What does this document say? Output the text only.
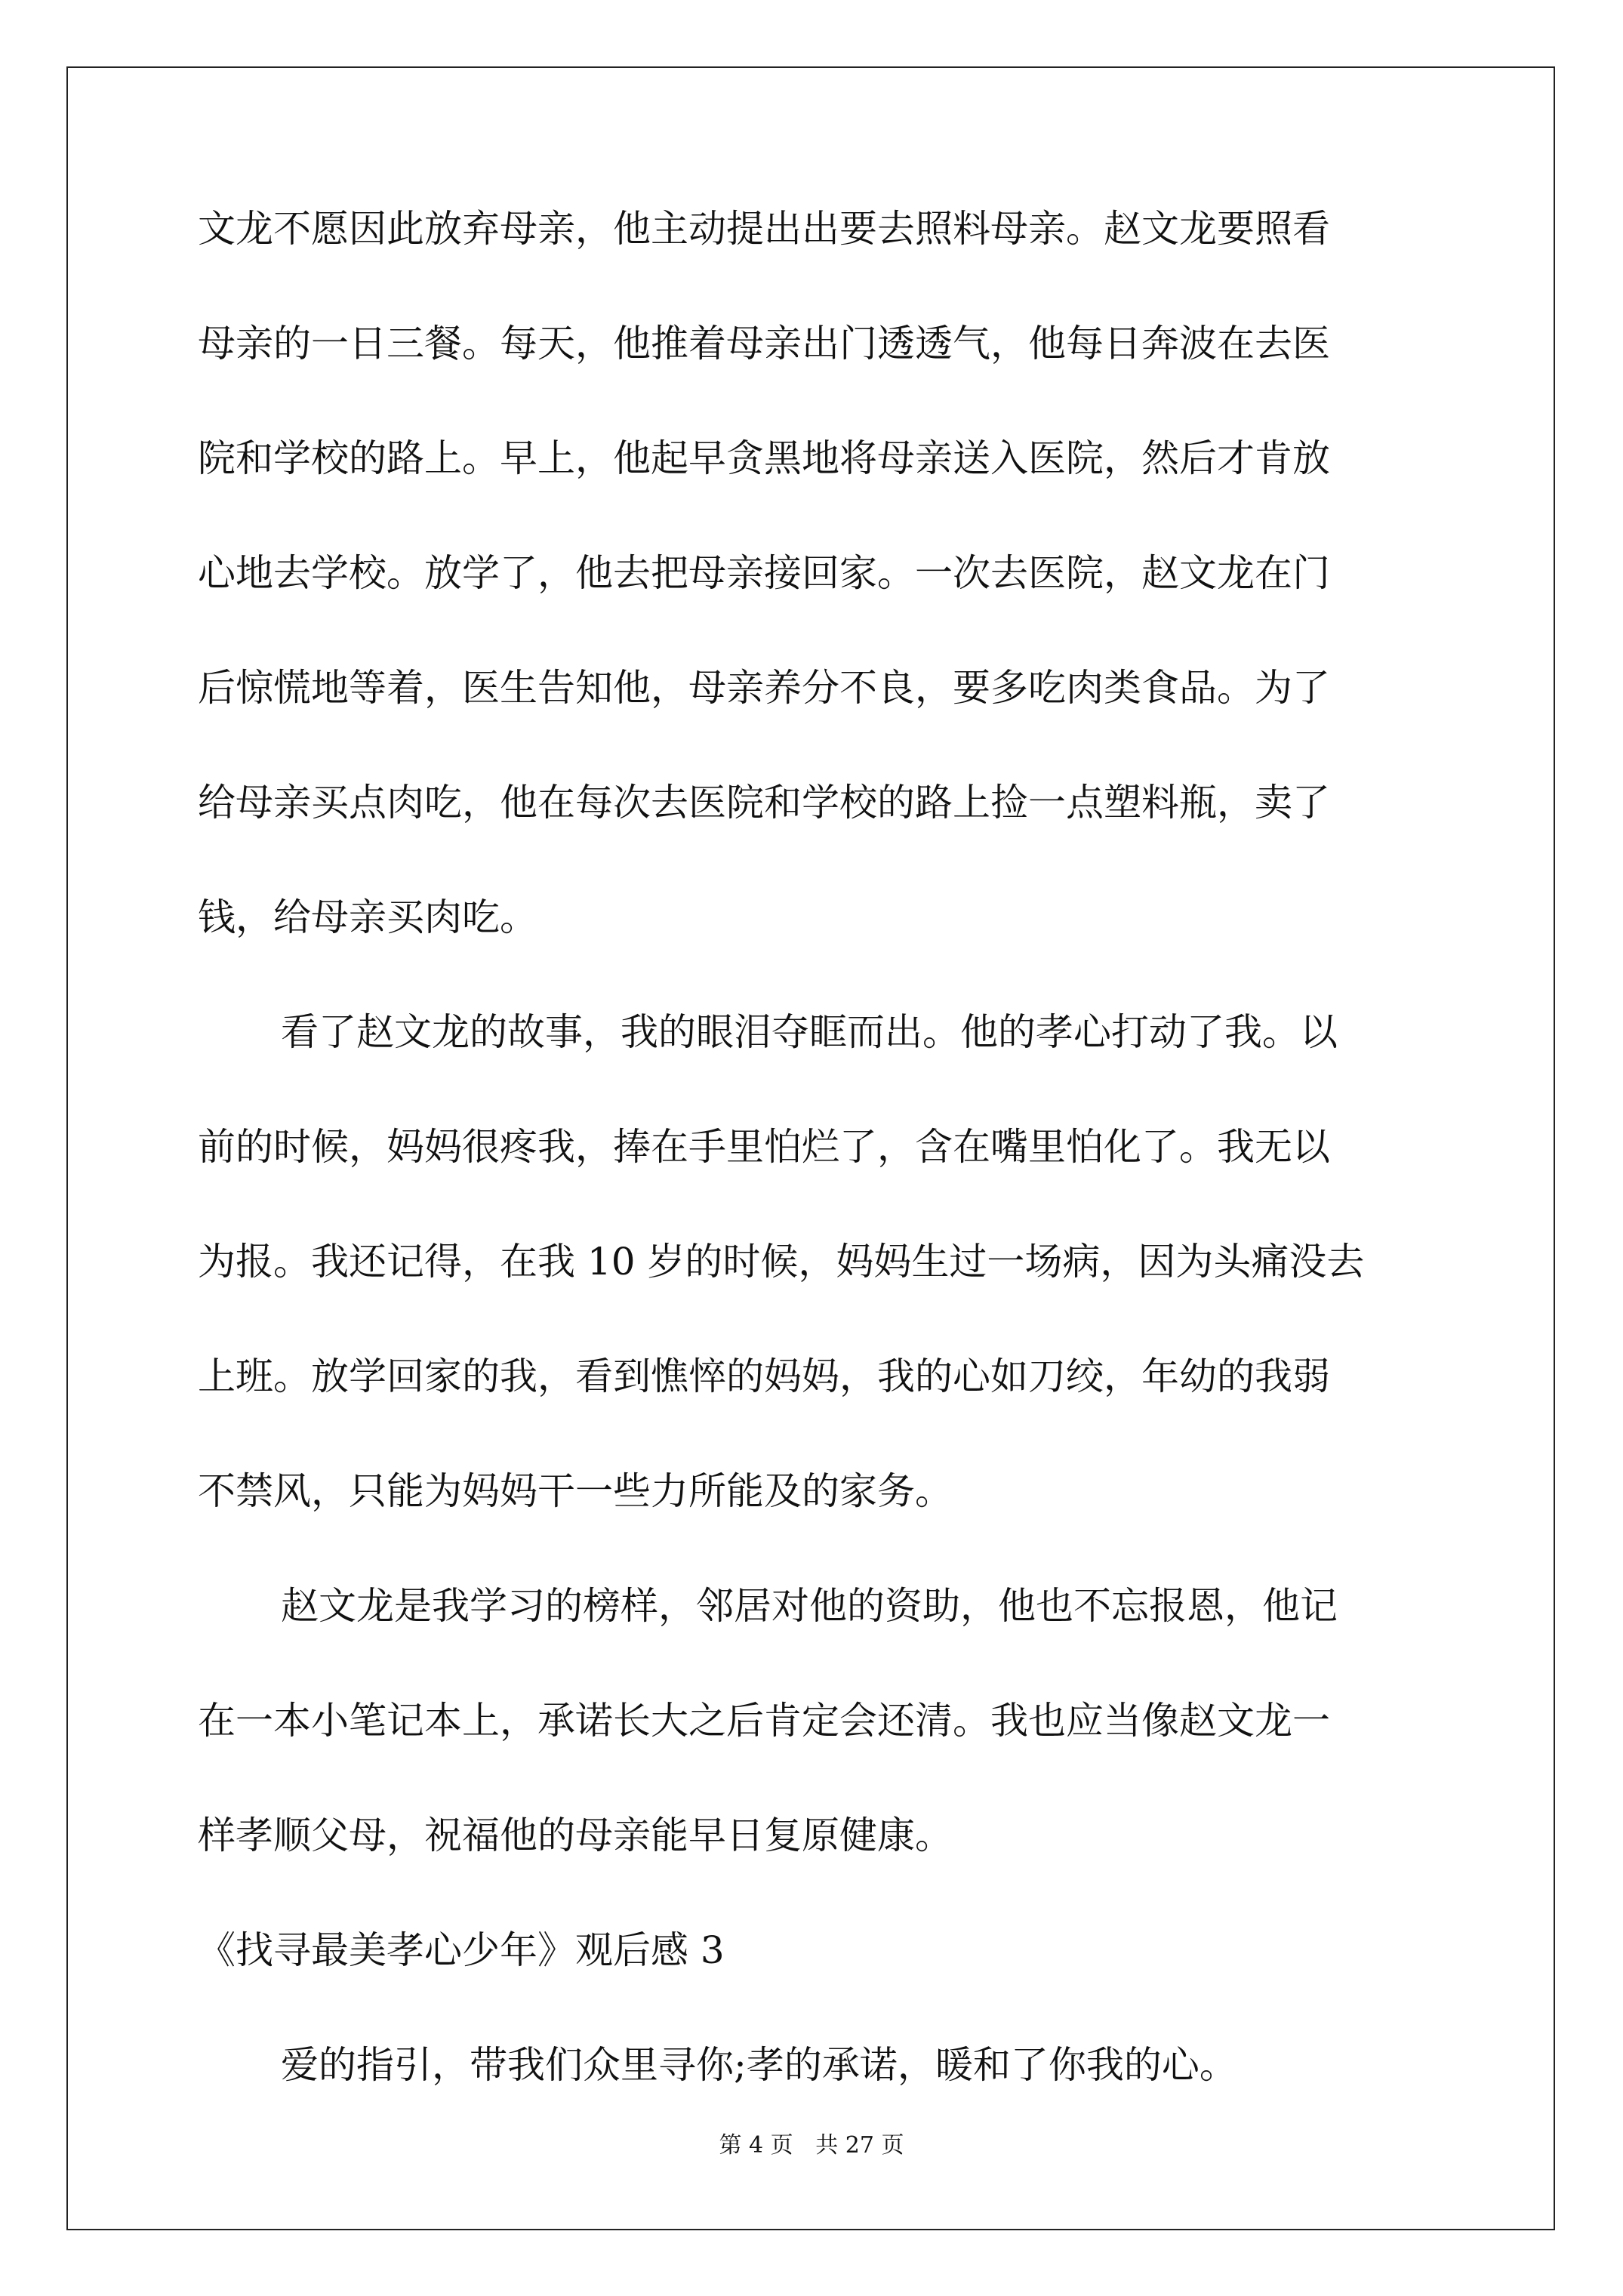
文龙不愿因此放弃母亲，他主动提出出要去照料母亲。赵文龙要照看
母亲的一日三餐。每天，他推着母亲出门透透气，他每日奔波在去医
院和学校的路上。早上，他起早贪黑地将母亲送入医院，然后才肯放
心地去学校。放学了，他去把母亲接回家。一次去医院，赵文龙在门
后惊慌地等着，医生告知他，母亲养分不良，要多吃肉类食品。为了
给母亲买点肉吃，他在每次去医院和学校的路上捡一点塑料瓶，卖了
钱，给母亲买肉吃。
看了赵文龙的故事，我的眼泪夺眶而出。他的孝心打动了我。以
前的时候，妈妈很疼我，捧在手里怕烂了，含在嘴里怕化了。我无以
为报。我还记得，在我 10 岁的时候，妈妈生过一场病，因为头痛没去
上班。放学回家的我，看到憔悴的妈妈，我的心如刀绞，年幼的我弱
不禁风，只能为妈妈干一些力所能及的家务。
赵文龙是我学习的榜样，邻居对他的资助，他也不忘报恩，他记
在一本小笔记本上，承诺长大之后肯定会还清。我也应当像赵文龙一
样孝顺父母，祝福他的母亲能早日复原健康。
《找寻最美孝心少年》观后感 3
爱的指引，带我们众里寻你;孝的承诺，暖和了你我的心。
第 4 页 共 27 页
